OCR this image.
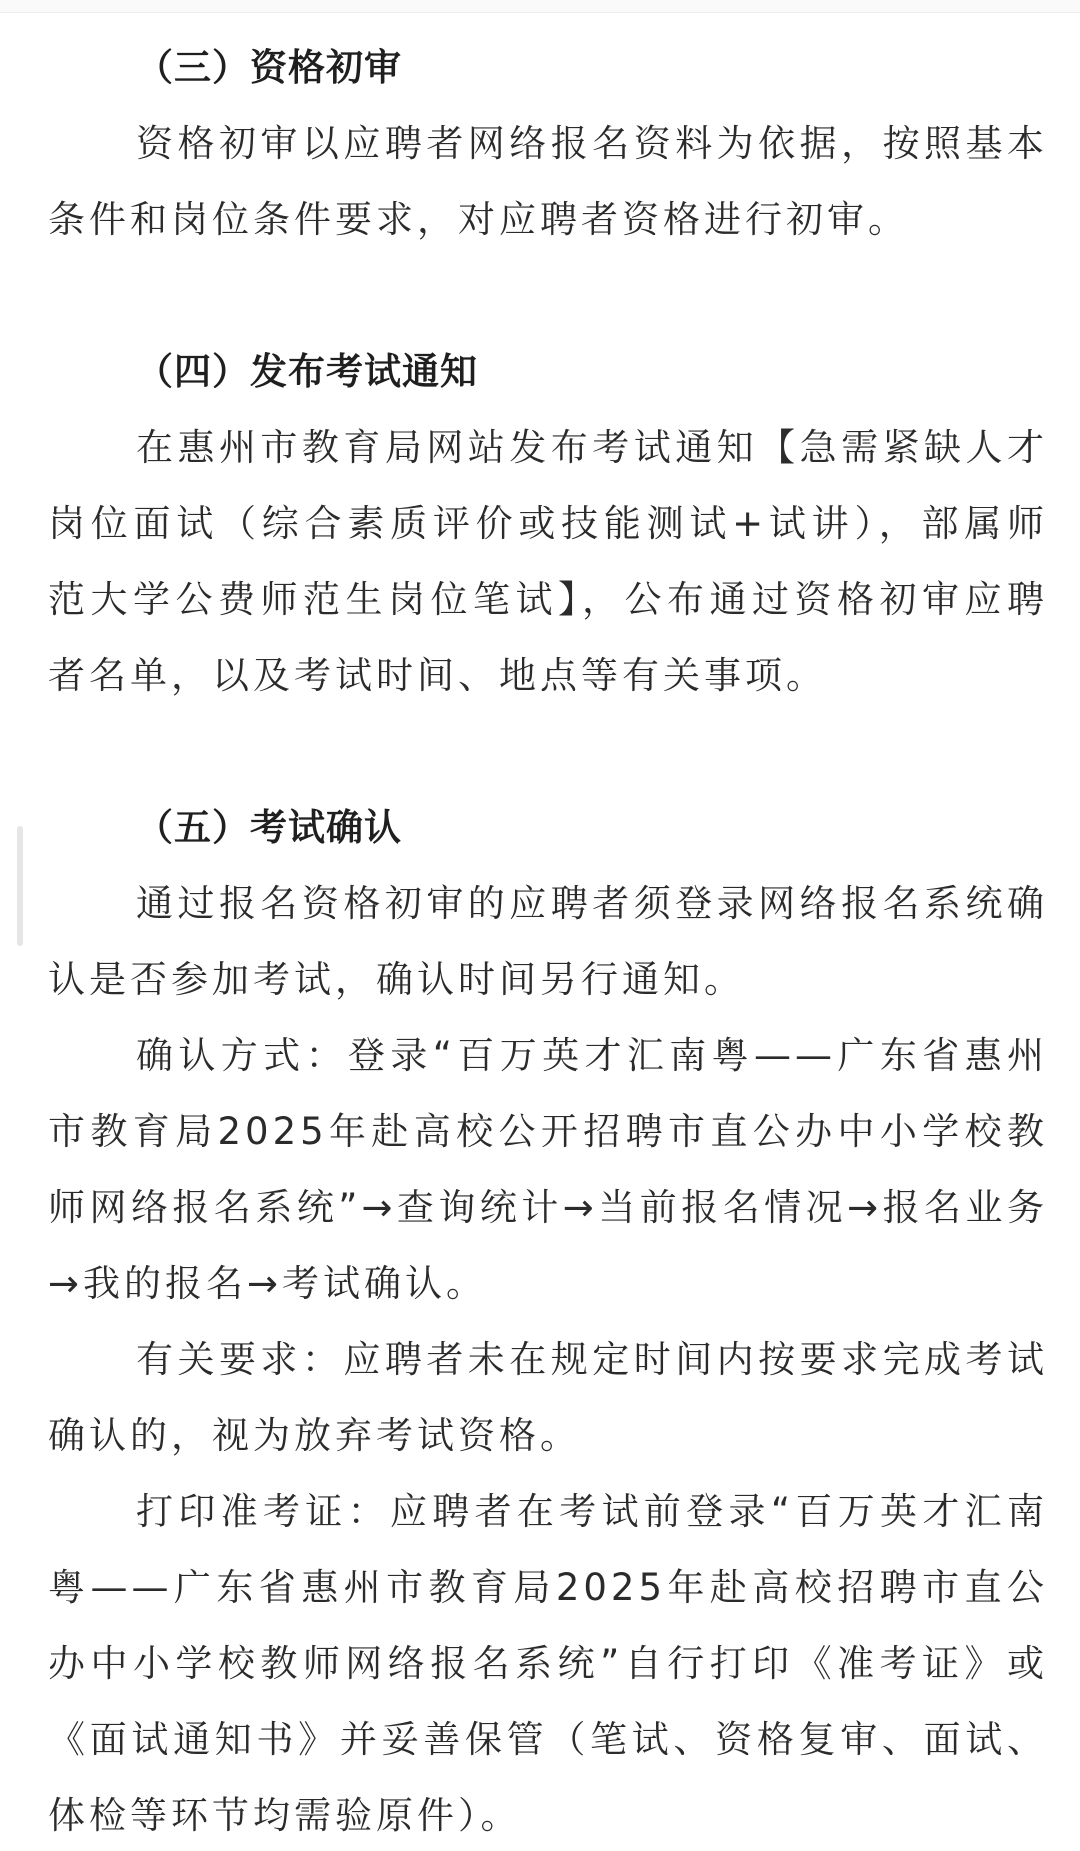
（三）资格初审

资格初审以应聘者网络报名资料为依据，按照基本条件和岗位条件要求，对应聘者资格进行初审。

（四）发布考试通知

在惠州市教育局网站发布考试通知【急需紧缺人才岗位面试（综合素质评价或技能测试+试讲），部属师范大学公费师范生岗位笔试】，公布通过资格初审应聘者名单，以及考试时间、地点等有关事项。

（五）考试确认

通过报名资格初审的应聘者须登录网络报名系统确认是否参加考试，确认时间另行通知。

确认方式：登录“百万英才汇南粤——广东省惠州市教育局2025年赴高校公开招聘市直公办中小学校教师网络报名系统”→查询统计→当前报名情况→报名业务→我的报名→考试确认。

有关要求：应聘者未在规定时间内按要求完成考试确认的，视为放弃考试资格。

打印准考证：应聘者在考试前登录“百万英才汇南粤——广东省惠州市教育局2025年赴高校招聘市直公办中小学校教师网络报名系统”自行打印《准考证》或《面试通知书》并妥善保管（笔试、资格复审、面试、体检等环节均需验原件）。
